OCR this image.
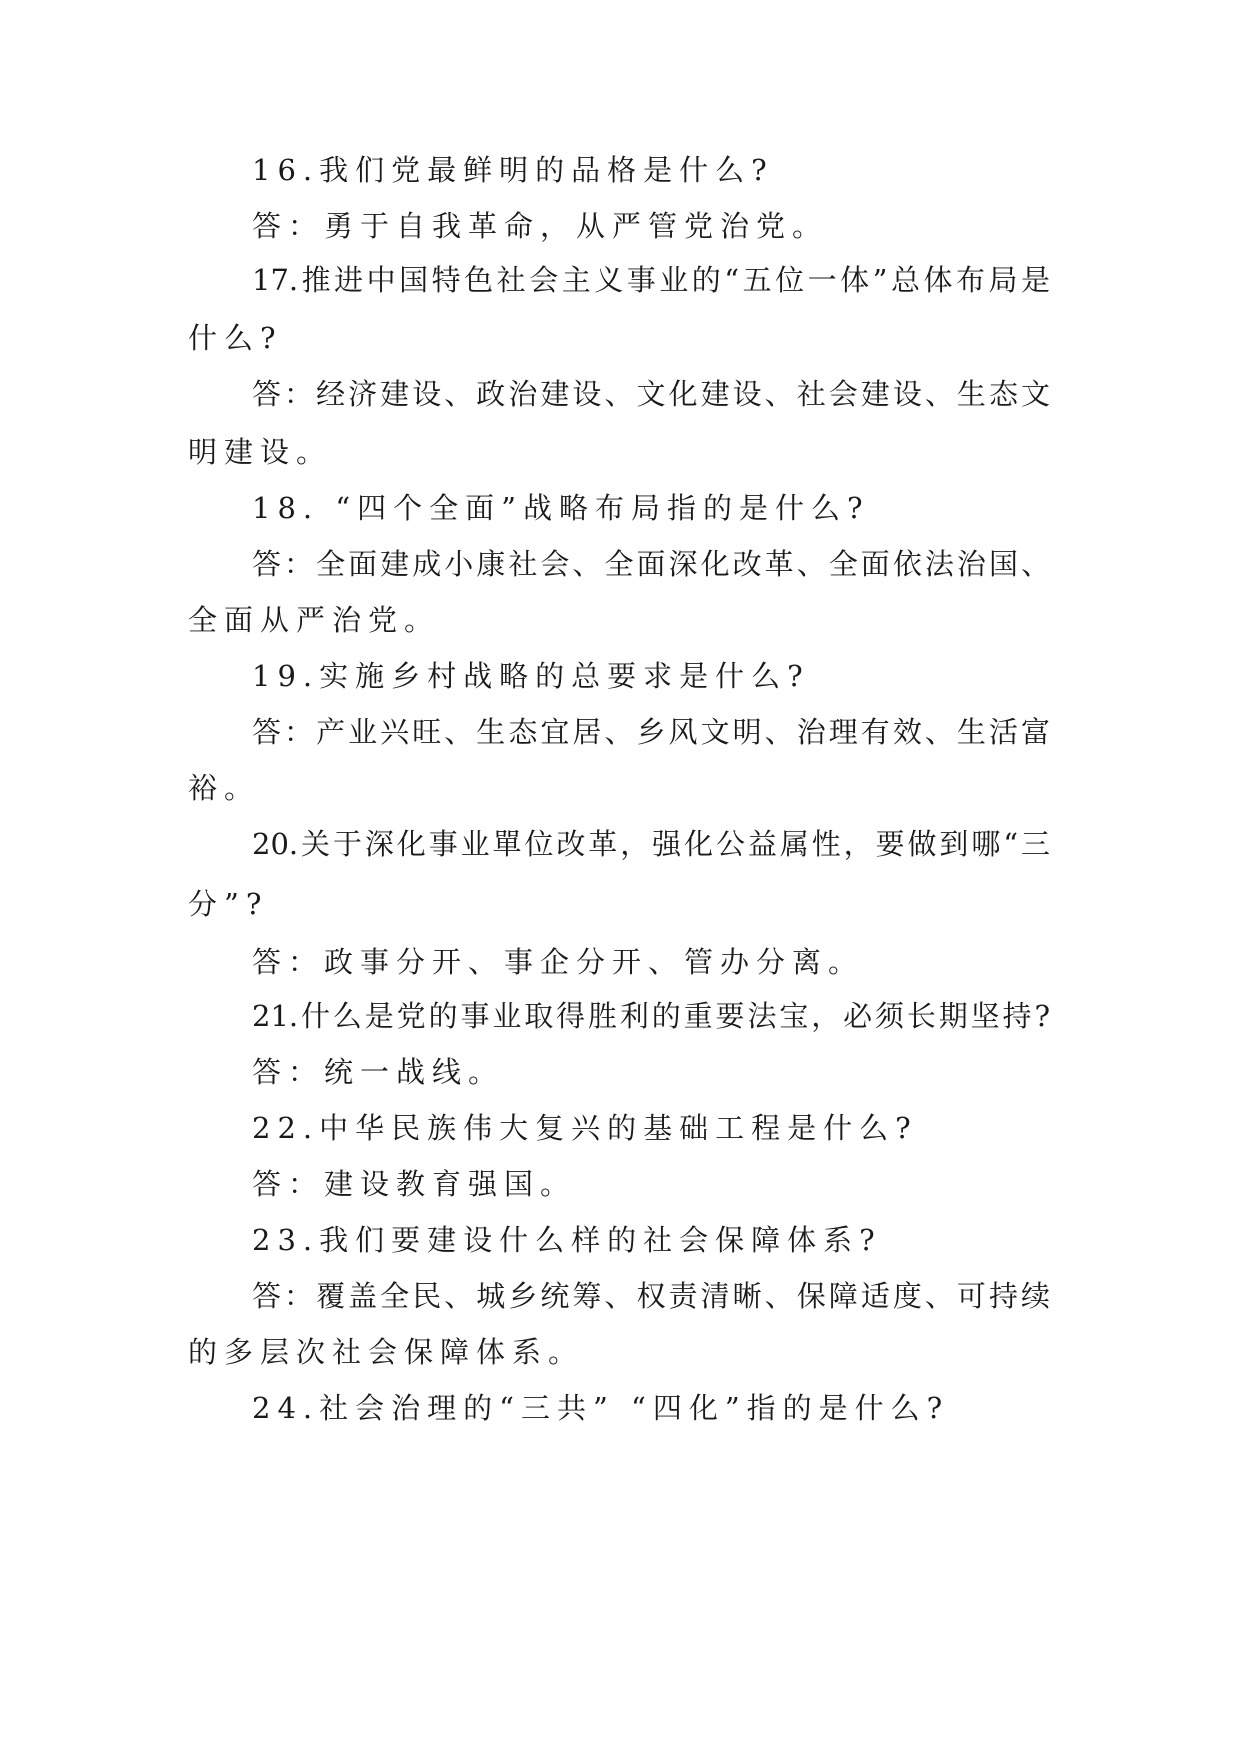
16.我们党最鲜明的品格是什么?
答：勇于自我革命，从严管党治党。
17.推进中国特色社会主义事业的“五位一体”总体布局是
什么?
答：经济建设、政治建设、文化建设、社会建设、生态文
明建设。
18. “四个全面”战略布局指的是什么?
答：全面建成小康社会、全面深化改革、全面依法治国、
全面从严治党。
19.实施乡村战略的总要求是什么?
答：产业兴旺、生态宜居、乡风文明、治理有效、生活富
裕。
20.关于深化事业單位改革，强化公益属性，要做到哪“三
分”?
答：政事分开、事企分开、管办分离。
21.什么是党的事业取得胜利的重要法宝，必须长期坚持?
答：统一战线。
22.中华民族伟大复兴的基础工程是什么?
答：建设教育强国。
23.我们要建设什么样的社会保障体系?
答：覆盖全民、城乡统筹、权责清晰、保障适度、可持续
的多层次社会保障体系。
24.社会治理的“三共” “四化”指的是什么?
